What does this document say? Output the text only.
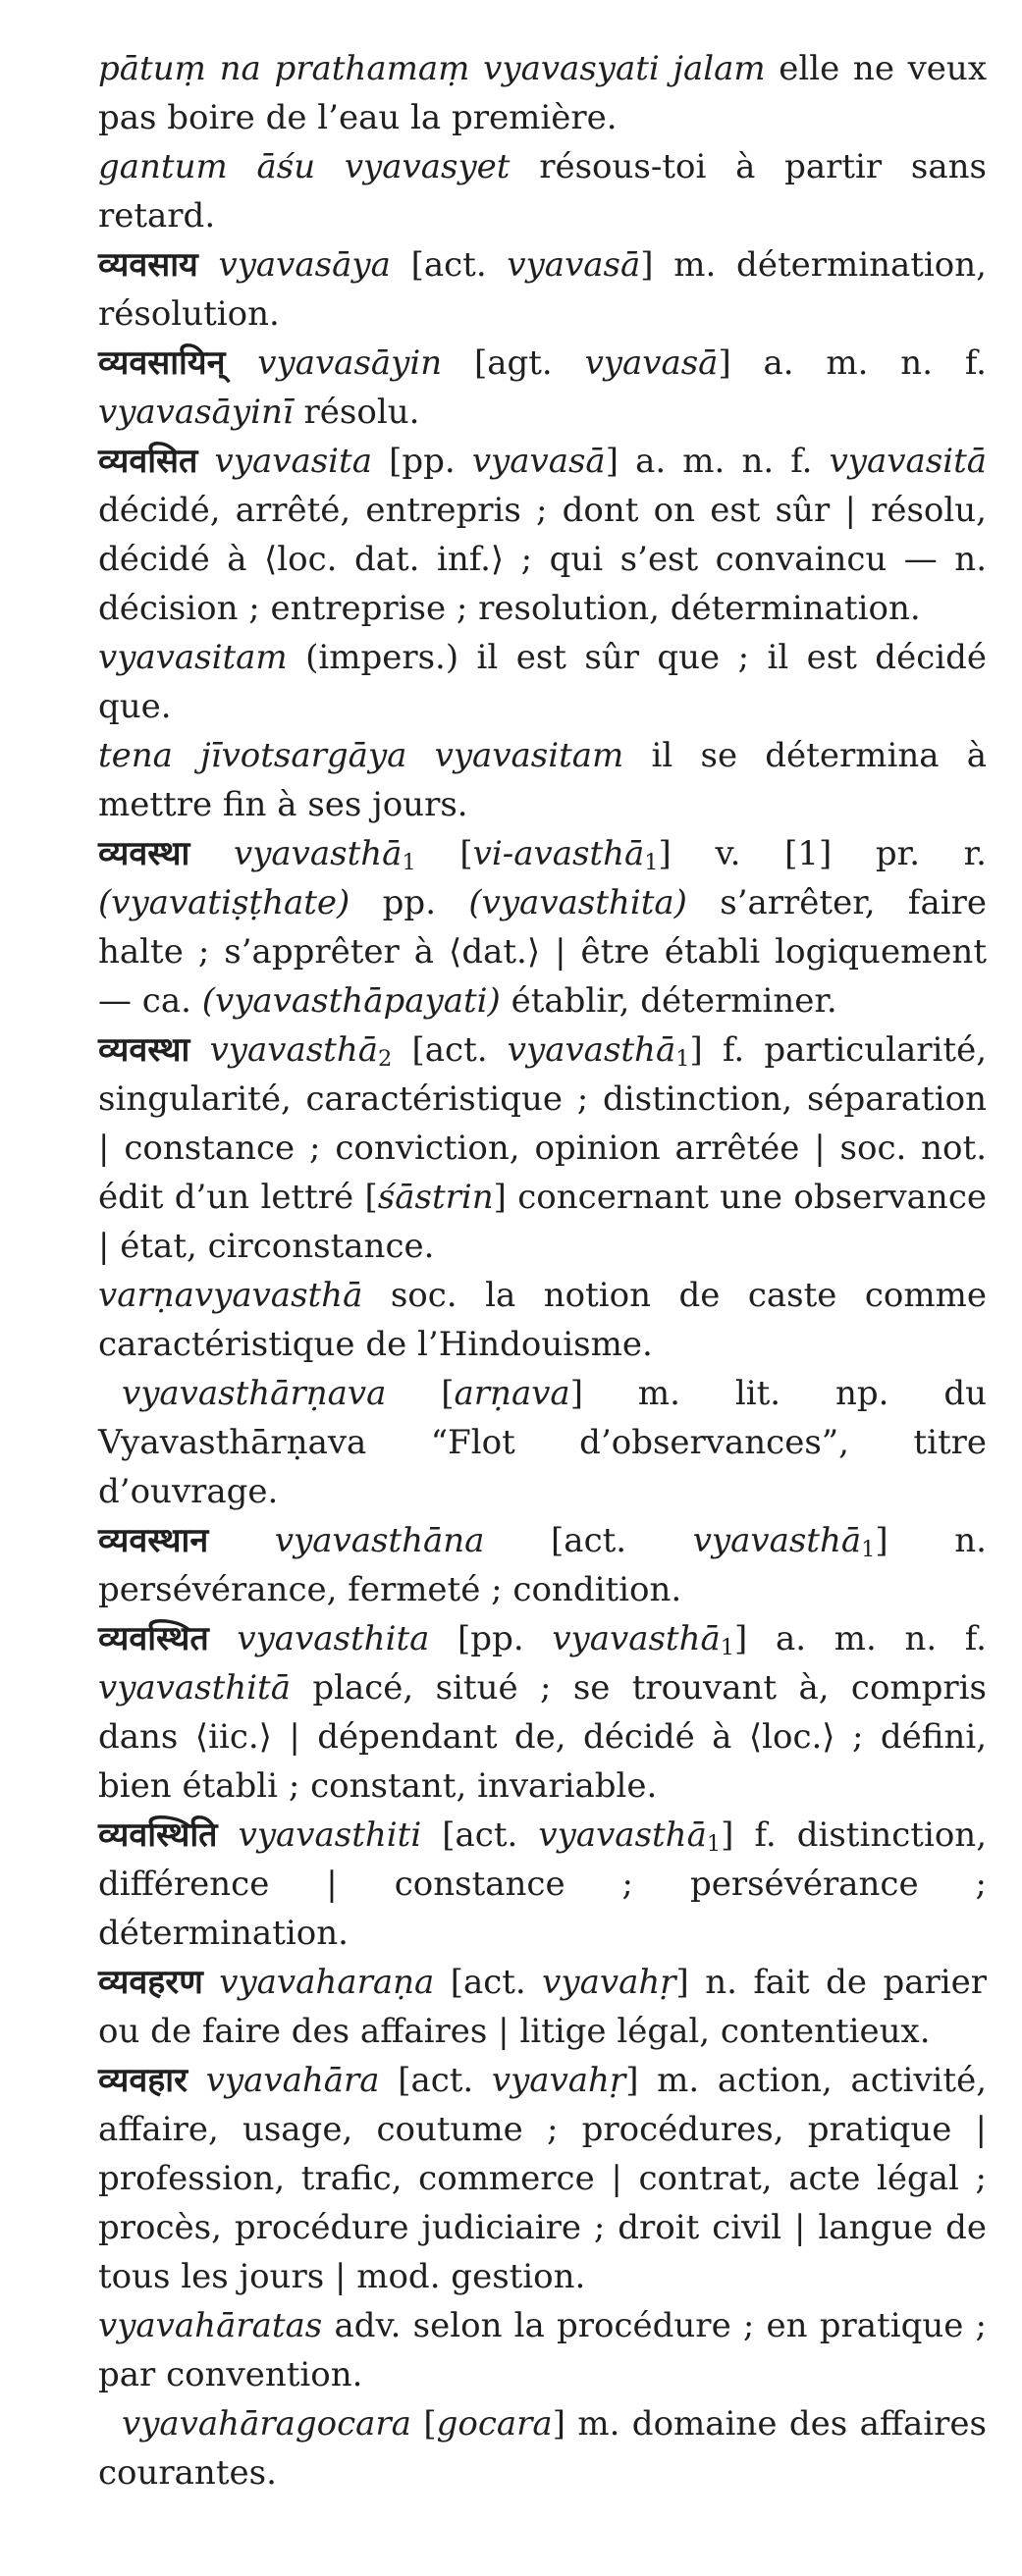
pātuṃ na prathamaṃ vyavasyati jalam elle ne veux pas boire de l’eau la première.

gantum āśu vyavasyet résous-toi à partir sans retard.

व्यवसाय vyavasāya [act. vyavasā] m. détermination, résolution.

व्यवसायिन् vyavasāyin [agt. vyavasā] a. m. n. f. vyavasāyinī résolu.

व्यवसित vyavasita [pp. vyavasā] a. m. n. f. vyavasitā décidé, arrêté, entrepris ; dont on est sûr | résolu, décidé à ⟨loc. dat. inf.⟩ ; qui s’est convaincu — n. décision ; entreprise ; resolution, détermination.

vyavasitam (impers.) il est sûr que ; il est décidé que.

tena jīvotsargāya vyavasitam il se détermina à mettre fin à ses jours.

व्यवस्था vyavasthā$_1$ [vi-avasthā$_1$] v. [1] pr. r. (vyavatiṣṭhate) pp. (vyavasthita) s’arrêter, faire halte ; s’apprêter à ⟨dat.⟩ | être établi logiquement — ca. (vyavasthāpayati) établir, déterminer.

व्यवस्था vyavasthā$_2$ [act. vyavasthā$_1$] f. particularité, singularité, caractéristique ; distinction, séparation | constance ; conviction, opinion arrêtée | soc. not. édit d’un lettré [śāstrin] concernant une observance | état, circonstance.

varṇavyavasthā soc. la notion de caste comme caractéristique de l’Hindouisme.

vyavasthārṇava [arṇava] m. lit. np. du Vyavasthārṇava “Flot d’observances”, titre d’ouvrage.

व्यवस्थान vyavasthāna [act. vyavasthā$_1$] n. persévérance, fermeté ; condition.

व्यवस्थित vyavasthita [pp. vyavasthā$_1$] a. m. n. f. vyavasthitā placé, situé ; se trouvant à, compris dans ⟨iic.⟩ | dépendant de, décidé à ⟨loc.⟩ ; défini, bien établi ; constant, invariable.

व्यवस्थिति vyavasthiti [act. vyavasthā$_1$] f. distinction, différence | constance ; persévérance ; détermination.

व्यवहरण vyavaharaṇa [act. vyavahṛ] n. fait de parier ou de faire des affaires | litige légal, contentieux.

व्यवहार vyavahāra [act. vyavahṛ] m. action, activité, affaire, usage, coutume ; procédures, pratique | profession, trafic, commerce | contrat, acte légal ; procès, procédure judiciaire ; droit civil | langue de tous les jours | mod. gestion.

vyavahāratas adv. selon la procédure ; en pratique ; par convention.

vyavahāragocara [gocara] m. domaine des affaires courantes.
